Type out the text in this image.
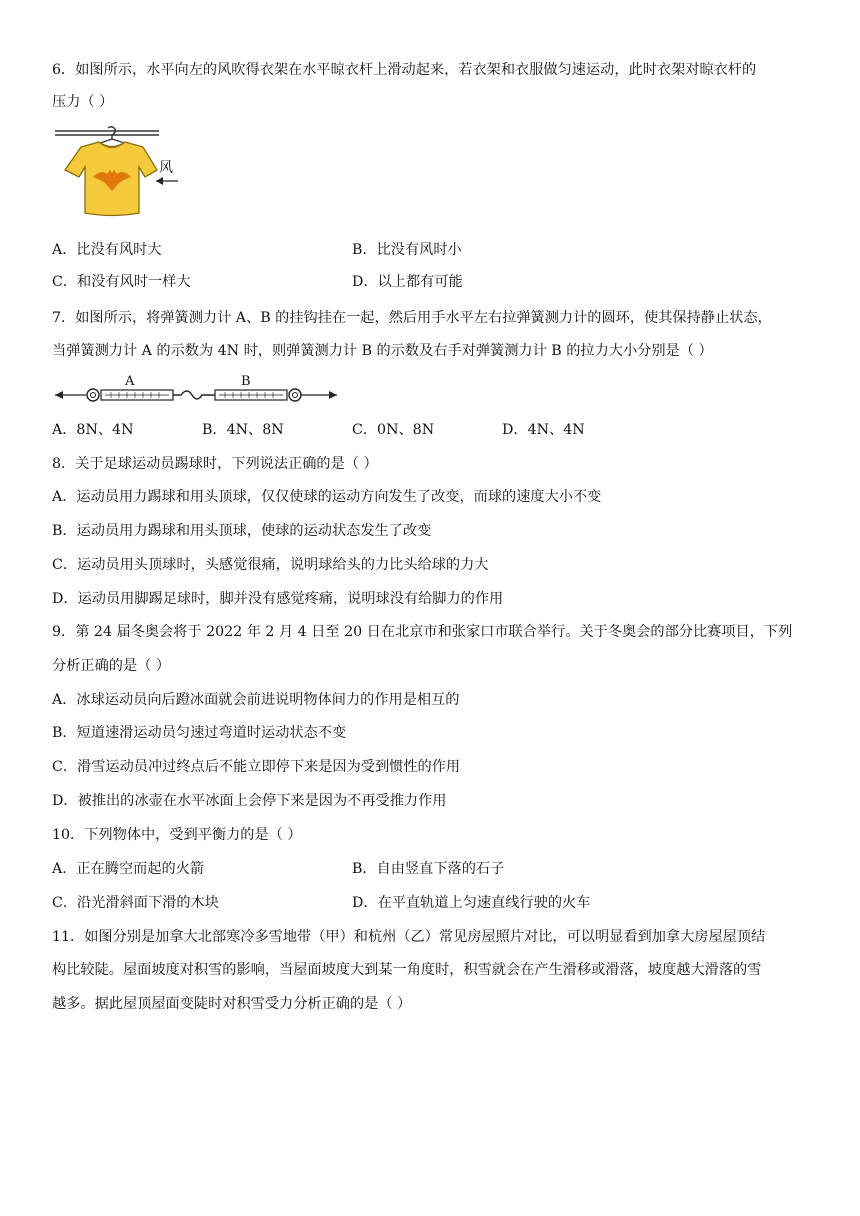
6．如图所示，水平向左的风吹得衣架在水平晾衣杆上滑动起来，若衣架和衣服做匀速运动，此时衣架对晾衣杆的
压力（ ）
风
A．比没有风时大	B．比没有风时小
C．和没有风时一样大	D．以上都有可能
7．如图所示，将弹簧测力计 A、B 的挂钩挂在一起，然后用手水平左右拉弹簧测力计的圆环，使其保持静止状态，
当弹簧测力计 A 的示数为 4N 时，则弹簧测力计 B 的示数及右手对弹簧测力计 B 的拉力大小分别是（ ）
A	B
A．8N、4N	B．4N、8N	C．0N、8N	D．4N、4N
8．关于足球运动员踢球时，下列说法正确的是（ ）
A．运动员用力踢球和用头顶球，仅仅使球的运动方向发生了改变，而球的速度大小不变
B．运动员用力踢球和用头顶球，使球的运动状态发生了改变
C．运动员用头顶球时，头感觉很痛，说明球给头的力比头给球的力大
D．运动员用脚踢足球时，脚并没有感觉疼痛，说明球没有给脚力的作用
9．第 24 届冬奥会将于 2022 年 2 月 4 日至 20 日在北京市和张家口市联合举行。关于冬奥会的部分比赛项目，下列
分析正确的是（ ）
A．冰球运动员向后蹬冰面就会前进说明物体间力的作用是相互的
B．短道速滑运动员匀速过弯道时运动状态不变
C．滑雪运动员冲过终点后不能立即停下来是因为受到惯性的作用
D．被推出的冰壶在水平冰面上会停下来是因为不再受推力作用
10．下列物体中，受到平衡力的是（ ）
A．正在腾空而起的火箭	B．自由竖直下落的石子
C．沿光滑斜面下滑的木块	D．在平直轨道上匀速直线行驶的火车
11．如图分别是加拿大北部寒冷多雪地带（甲）和杭州（乙）常见房屋照片对比，可以明显看到加拿大房屋屋顶结
构比较陡。屋面坡度对积雪的影响，当屋面坡度大到某一角度时，积雪就会在产生滑移或滑落，坡度越大滑落的雪
越多。据此屋顶屋面变陡时对积雪受力分析正确的是（ ）
